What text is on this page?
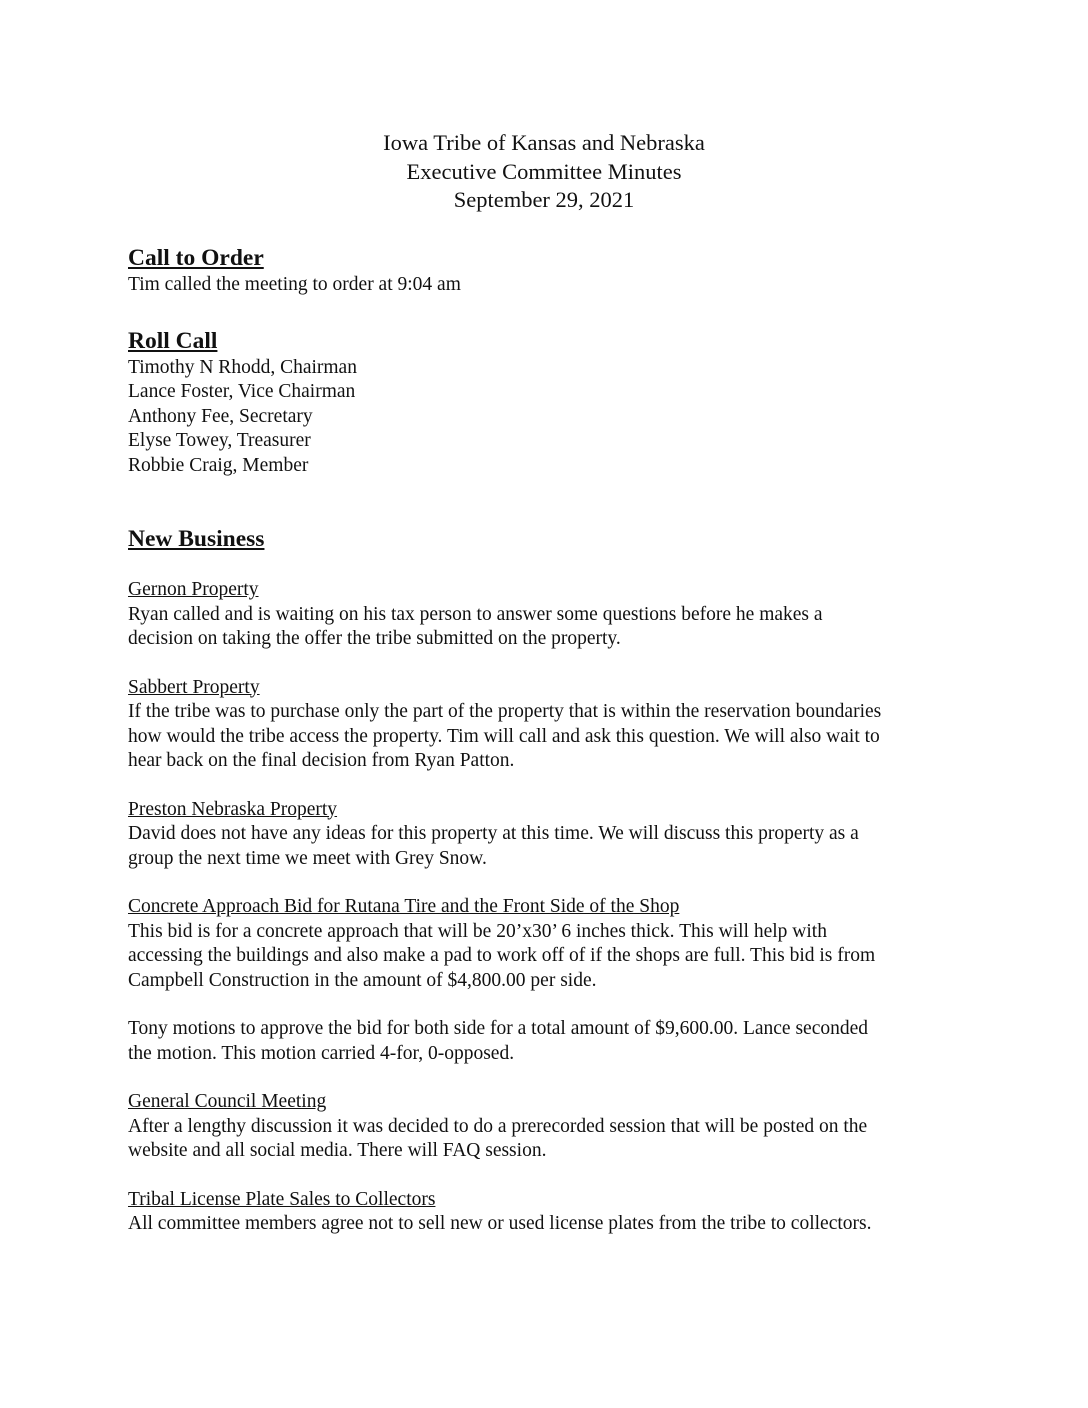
Iowa Tribe of Kansas and Nebraska
Executive Committee Minutes
September 29, 2021
Call to Order
Tim called the meeting to order at 9:04 am
Roll Call
Timothy N Rhodd, Chairman
Lance Foster, Vice Chairman
Anthony Fee, Secretary
Elyse Towey, Treasurer
Robbie Craig, Member
New Business
Gernon Property
Ryan called and is waiting on his tax person to answer some questions before he makes a
decision on taking the offer the tribe submitted on the property.
Sabbert Property
If the tribe was to purchase only the part of the property that is within the reservation boundaries
how would the tribe access the property. Tim will call and ask this question. We will also wait to
hear back on the final decision from Ryan Patton.
Preston Nebraska Property
David does not have any ideas for this property at this time. We will discuss this property as a
group the next time we meet with Grey Snow.
Concrete Approach Bid for Rutana Tire and the Front Side of the Shop
This bid is for a concrete approach that will be 20’x30’ 6 inches thick. This will help with
accessing the buildings and also make a pad to work off of if the shops are full. This bid is from
Campbell Construction in the amount of $4,800.00 per side.
Tony motions to approve the bid for both side for a total amount of $9,600.00. Lance seconded
the motion. This motion carried 4-for, 0-opposed.
General Council Meeting
After a lengthy discussion it was decided to do a prerecorded session that will be posted on the
website and all social media. There will FAQ session.
Tribal License Plate Sales to Collectors
All committee members agree not to sell new or used license plates from the tribe to collectors.
